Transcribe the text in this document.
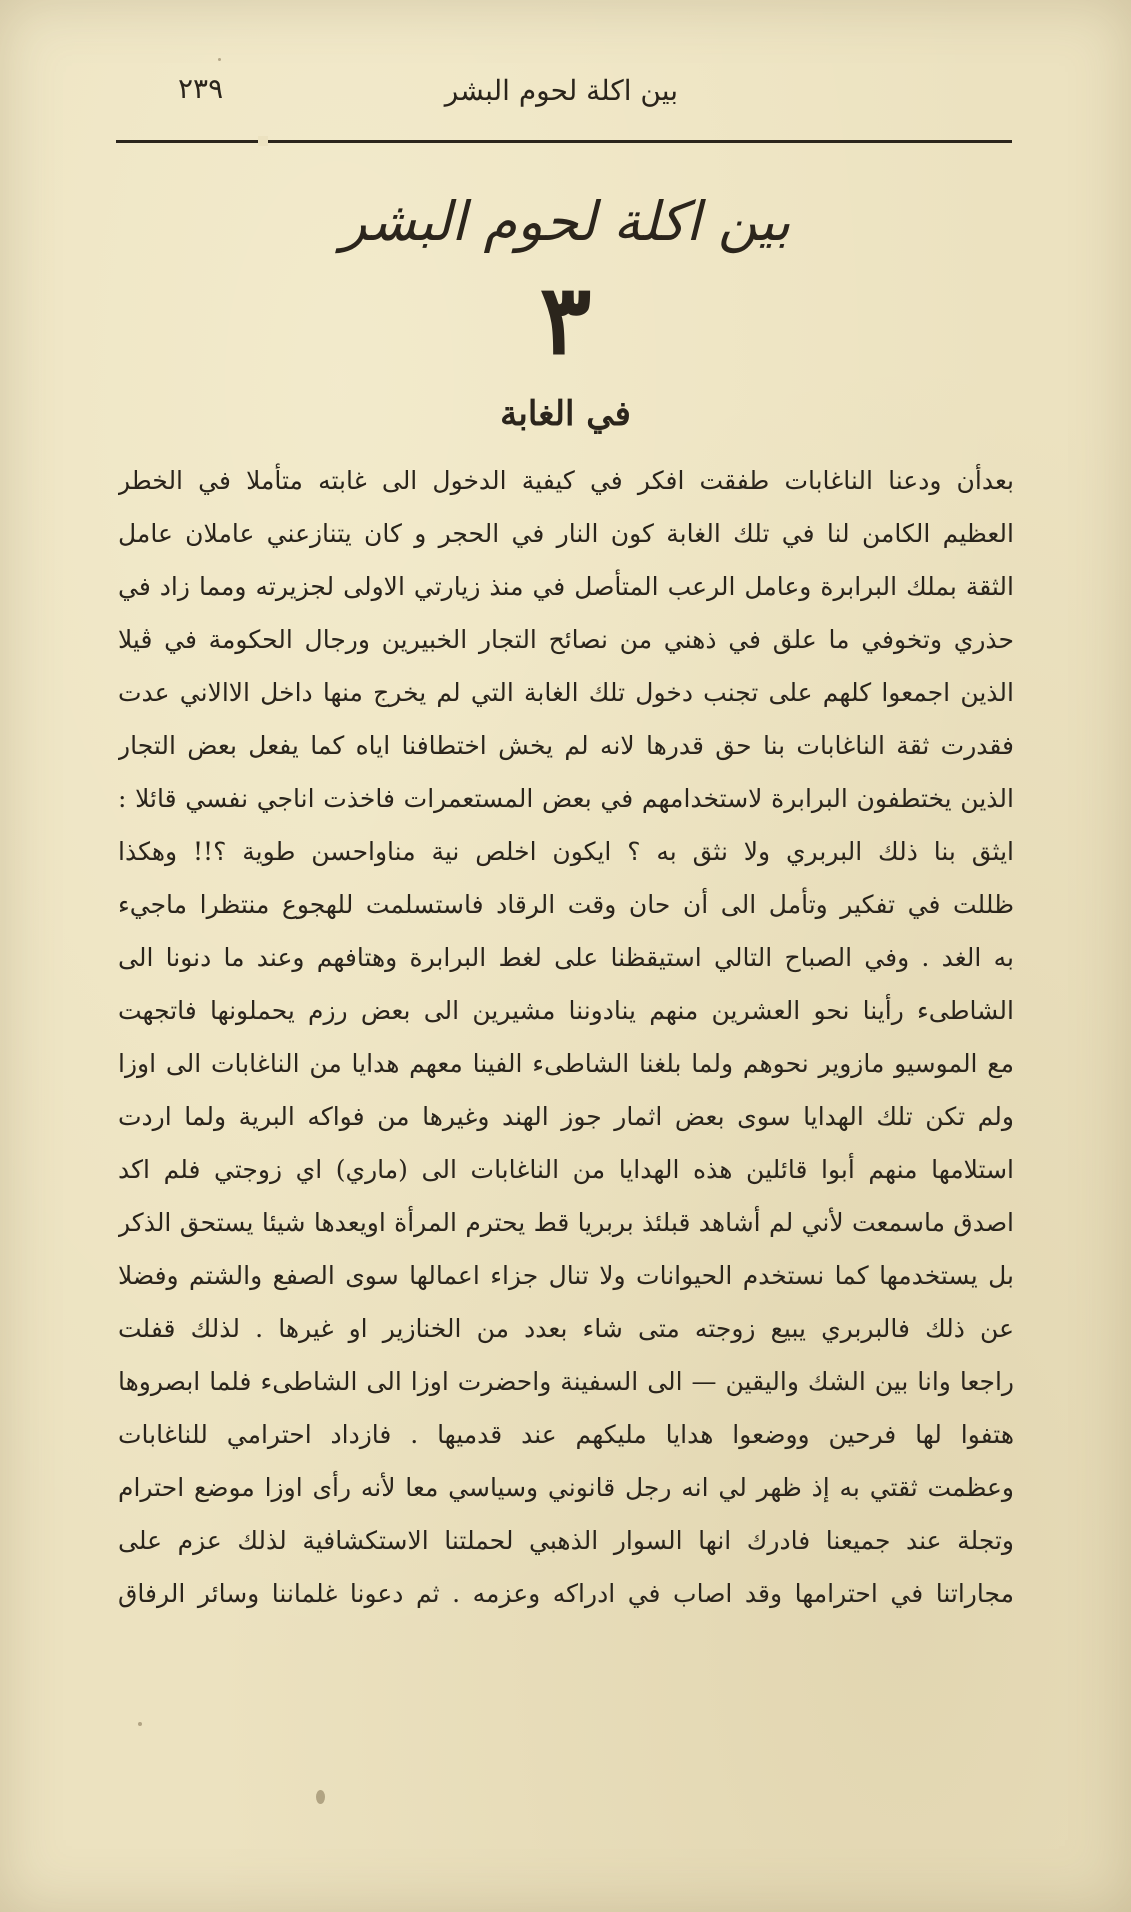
بين اكلة لحوم البشر
٢٣٩
بين اكلة لحوم البشر
٣
في الغابة
بعدأن ودعنا الناغابات طفقت افكر في كيفية الدخول الى غابته متأملا في الخطر
العظيم الكامن لنا في تلك الغابة كون النار في الحجر و كان يتنازعني عاملان عامل
الثقة بملك البرابرة وعامل الرعب المتأصل في منذ زيارتي الاولى لجزيرته ومما زاد في
حذري وتخوفي ما علق في ذهني من نصائح التجار الخبيرين ورجال الحكومة في ڤيلا
الذين اجمعوا كلهم على تجنب دخول تلك الغابة التي لم يخرج منها داخل الاالاني عدت
فقدرت ثقة الناغابات بنا حق قدرها لانه لم يخش اختطافنا اياه كما يفعل بعض التجار
الذين يختطفون البرابرة لاستخدامهم في بعض المستعمرات فاخذت اناجي نفسي قائلا :
ايثق بنا ذلك البربري ولا نثق به ؟ ايكون اخلص نية مناواحسن طوية ؟!! وهكذا
ظللت في تفكير وتأمل الى أن حان وقت الرقاد فاستسلمت للهجوع منتظرا ماجيء
به الغد . وفي الصباح التالي استيقظنا على لغط البرابرة وهتافهم وعند ما دنونا الى
الشاطىء رأينا نحو العشرين منهم ينادوننا مشيرين الى بعض رزم يحملونها فاتجهت
مع الموسيو مازوير نحوهم ولما بلغنا الشاطىء الفينا معهم هدايا من الناغابات الى اوزا
ولم تكن تلك الهدايا سوى بعض اثمار جوز الهند وغيرها من فواكه البرية ولما اردت
استلامها منهم أبوا قائلين هذه الهدايا من الناغابات الى (ماري) اي زوجتي فلم اكد
اصدق ماسمعت لأني لم أشاهد قبلئذ بربريا قط يحترم المرأة اويعدها شيئا يستحق الذكر
بل يستخدمها كما نستخدم الحيوانات ولا تنال جزاء اعمالها سوى الصفع والشتم وفضلا
عن ذلك فالبربري يبيع زوجته متى شاء بعدد من الخنازير او غيرها . لذلك قفلت
راجعا وانا بين الشك واليقين — الى السفينة واحضرت اوزا الى الشاطىء فلما ابصروها
هتفوا لها فرحين ووضعوا هدايا مليكهم عند قدميها . فازداد احترامي للناغابات
وعظمت ثقتي به إذ ظهر لي انه رجل قانوني وسياسي معا لأنه رأى اوزا موضع احترام
وتجلة عند جميعنا فادرك انها السوار الذهبي لحملتنا الاستكشافية لذلك عزم على
مجاراتنا في احترامها وقد اصاب في ادراكه وعزمه . ثم دعونا غلماننا وسائر الرفاق
